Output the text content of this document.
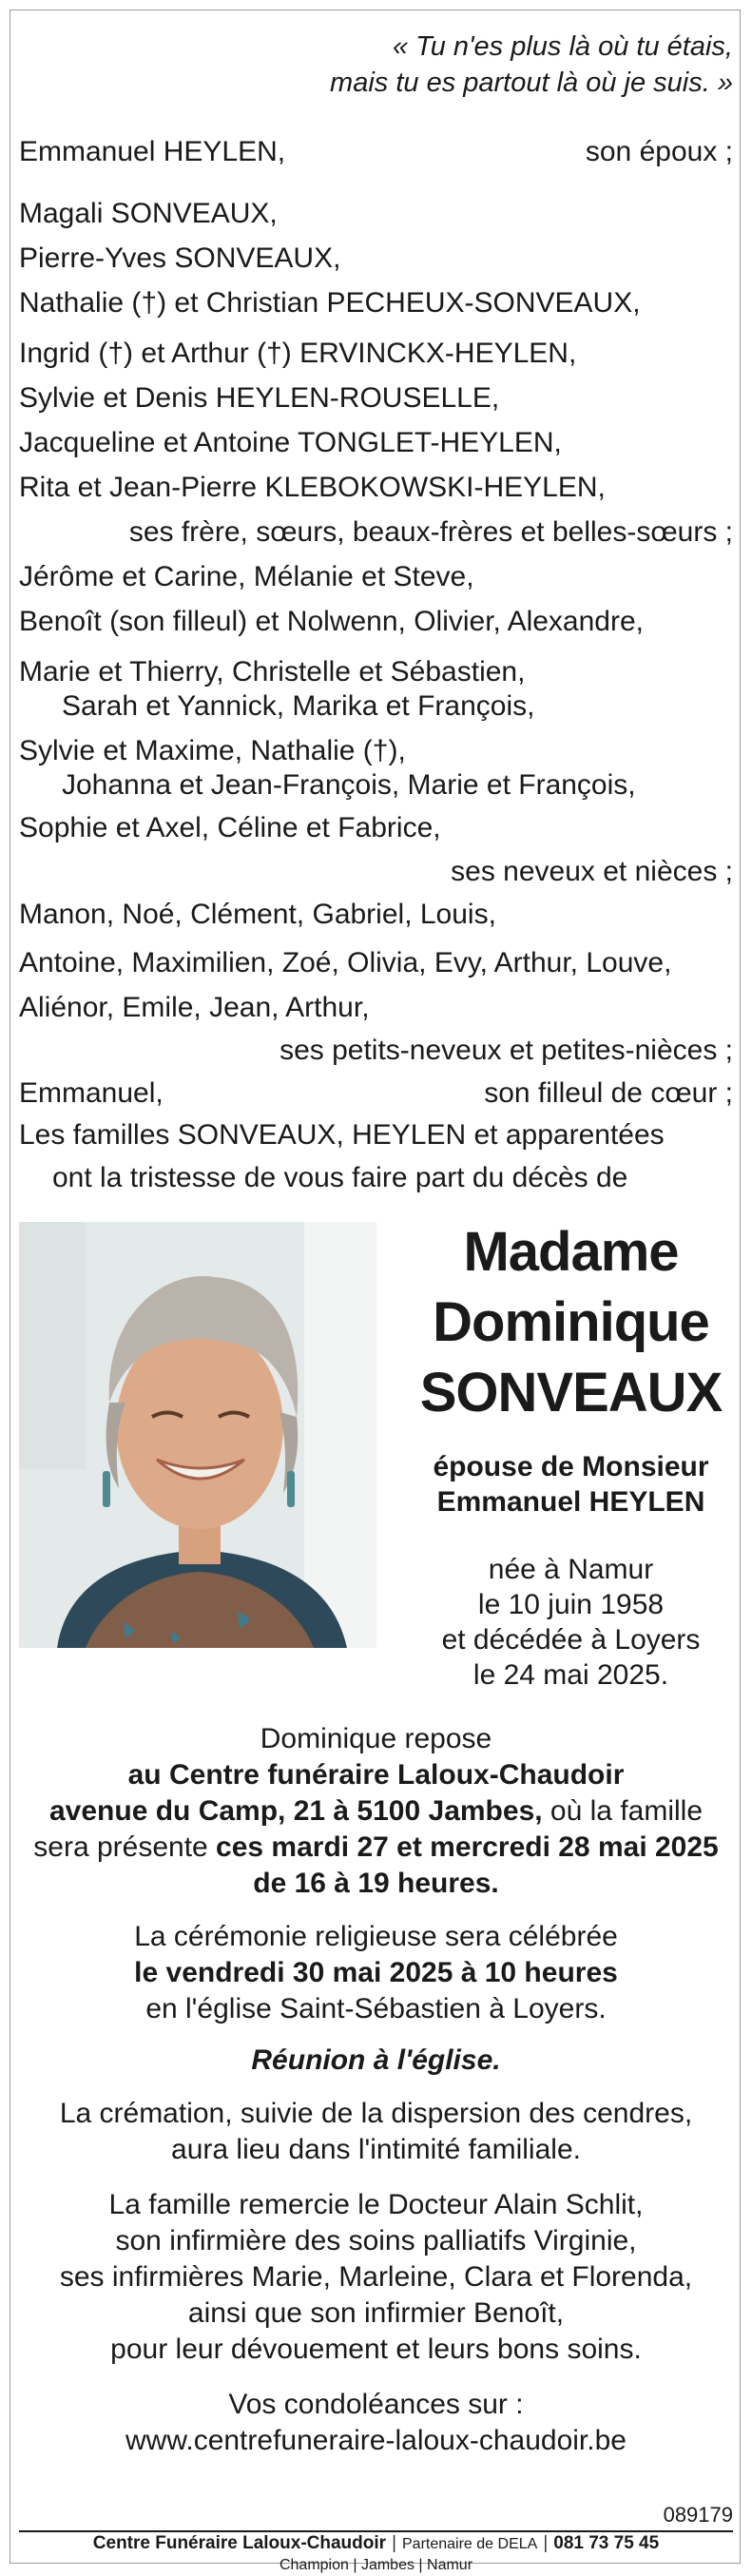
« Tu n'es plus là où tu étais,
mais tu es partout là où je suis. »
Emmanuel HEYLEN,	son époux ;
Magali SONVEAUX,
Pierre-Yves SONVEAUX,
Nathalie (†) et Christian PECHEUX-SONVEAUX,
Ingrid (†) et Arthur (†) ERVINCKX-HEYLEN,
Sylvie et Denis HEYLEN-ROUSELLE,
Jacqueline et Antoine TONGLET-HEYLEN,
Rita et Jean-Pierre KLEBOKOWSKI-HEYLEN,
ses frère, sœurs, beaux-frères et belles-sœurs ;
Jérôme et Carine, Mélanie et Steve,
Benoît (son filleul) et Nolwenn, Olivier, Alexandre,
Marie et Thierry, Christelle et Sébastien,
Sarah et Yannick, Marika et François,
Sylvie et Maxime, Nathalie (†),
Johanna et Jean-François, Marie et François,
Sophie et Axel, Céline et Fabrice,
ses neveux et nièces ;
Manon, Noé, Clément, Gabriel, Louis,
Antoine, Maximilien, Zoé, Olivia, Evy, Arthur, Louve,
Aliénor, Emile, Jean, Arthur,
ses petits-neveux et petites-nièces ;
Emmanuel,	son filleul de cœur ;
Les familles SONVEAUX, HEYLEN et apparentées
ont la tristesse de vous faire part du décès de
Madame
Dominique
SONVEAUX
épouse de Monsieur
Emmanuel HEYLEN
née à Namur
le 10 juin 1958
et décédée à Loyers
le 24 mai 2025.
Dominique repose
au Centre funéraire Laloux-Chaudoir
avenue du Camp, 21 à 5100 Jambes, où la famille
sera présente ces mardi 27 et mercredi 28 mai 2025
de 16 à 19 heures.
La cérémonie religieuse sera célébrée
le vendredi 30 mai 2025 à 10 heures
en l'église Saint-Sébastien à Loyers.
Réunion à l'église.
La crémation, suivie de la dispersion des cendres,
aura lieu dans l'intimité familiale.
La famille remercie le Docteur Alain Schlit,
son infirmière des soins palliatifs Virginie,
ses infirmières Marie, Marleine, Clara et Florenda,
ainsi que son infirmier Benoît,
pour leur dévouement et leurs bons soins.
Vos condoléances sur :
www.centrefuneraire-laloux-chaudoir.be
089179
Centre Funéraire Laloux-Chaudoir | Partenaire de DELA | 081 73 75 45
Champion | Jambes | Namur
